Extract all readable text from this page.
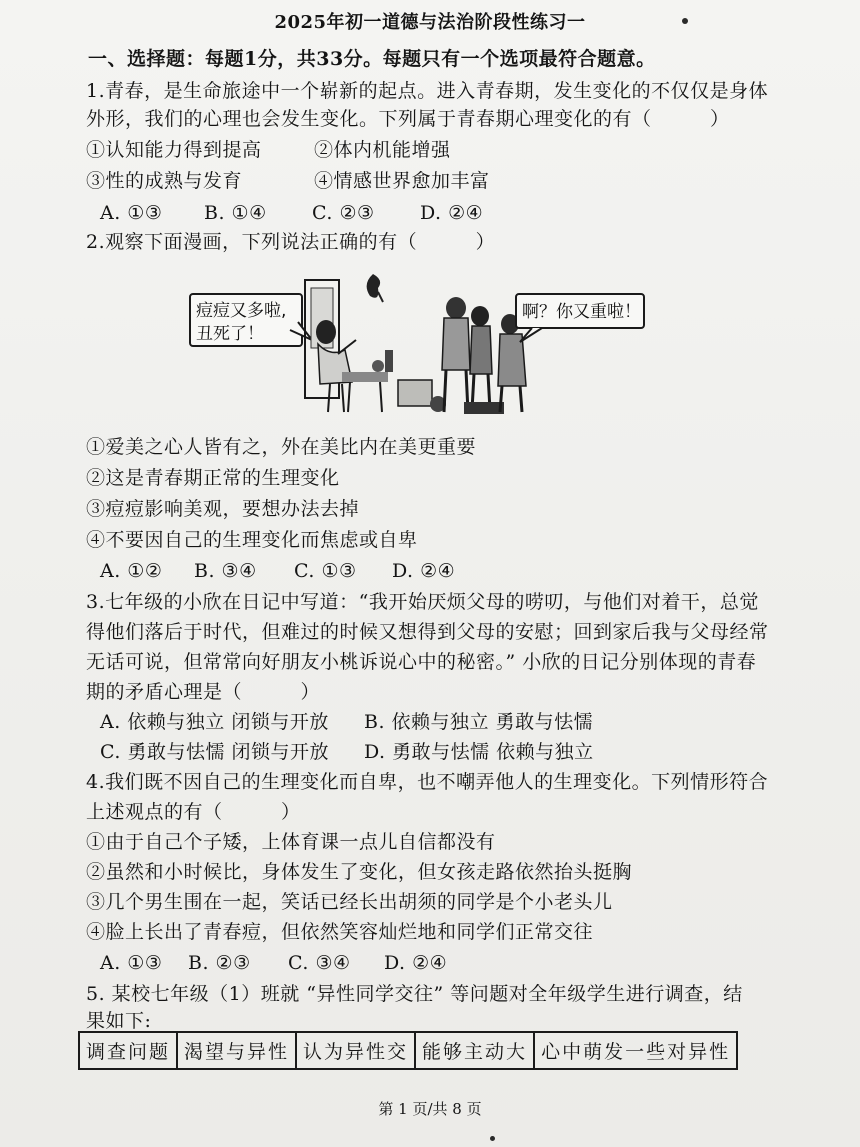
2025年初一道德与法治阶段性练习一
一、选择题：每题1分，共33分。每题只有一个选项最符合题意。
1.青春，是生命旅途中一个崭新的起点。进入青春期，发生变化的不仅仅是身体
外形，我们的心理也会发生变化。下列属于青春期心理变化的有（　　　）
①认知能力得到提高	②体内机能增强
③性的成熟与发育	④情感世界愈加丰富
A. ①③ B. ①④ C. ②③ D. ②④
2.观察下面漫画，下列说法正确的有（　　　）
痘痘又多啦,
丑死了！
啊？你又重啦！
①爱美之心人皆有之，外在美比内在美更重要
②这是青春期正常的生理变化
③痘痘影响美观，要想办法去掉
④不要因自己的生理变化而焦虑或自卑
A. ①② B. ③④ C. ①③ D. ②④
3.七年级的小欣在日记中写道：“我开始厌烦父母的唠叨，与他们对着干，总觉
得他们落后于时代，但难过的时候又想得到父母的安慰；回到家后我与父母经常
无话可说，但常常向好朋友小桃诉说心中的秘密。” 小欣的日记分别体现的青春
期的矛盾心理是（　　　）
A. 依赖与独立 闭锁与开放 B. 依赖与独立 勇敢与怯懦
C. 勇敢与怯懦 闭锁与开放 D. 勇敢与怯懦 依赖与独立
4.我们既不因自己的生理变化而自卑，也不嘲弄他人的生理变化。下列情形符合
上述观点的有（　　　）
①由于自己个子矮，上体育课一点儿自信都没有
②虽然和小时候比，身体发生了变化，但女孩走路依然抬头挺胸
③几个男生围在一起，笑话已经长出胡须的同学是个小老头儿
④脸上长出了青春痘，但依然笑容灿烂地和同学们正常交往
A. ①③ B. ②③ C. ③④ D. ②④
5. 某校七年级（1）班就 “异性同学交往” 等问题对全年级学生进行调查，结
果如下:
调查问题	渴望与异性	认为异性交	能够主动大	心中萌发一些对异性
第 1 页/共 8 页
